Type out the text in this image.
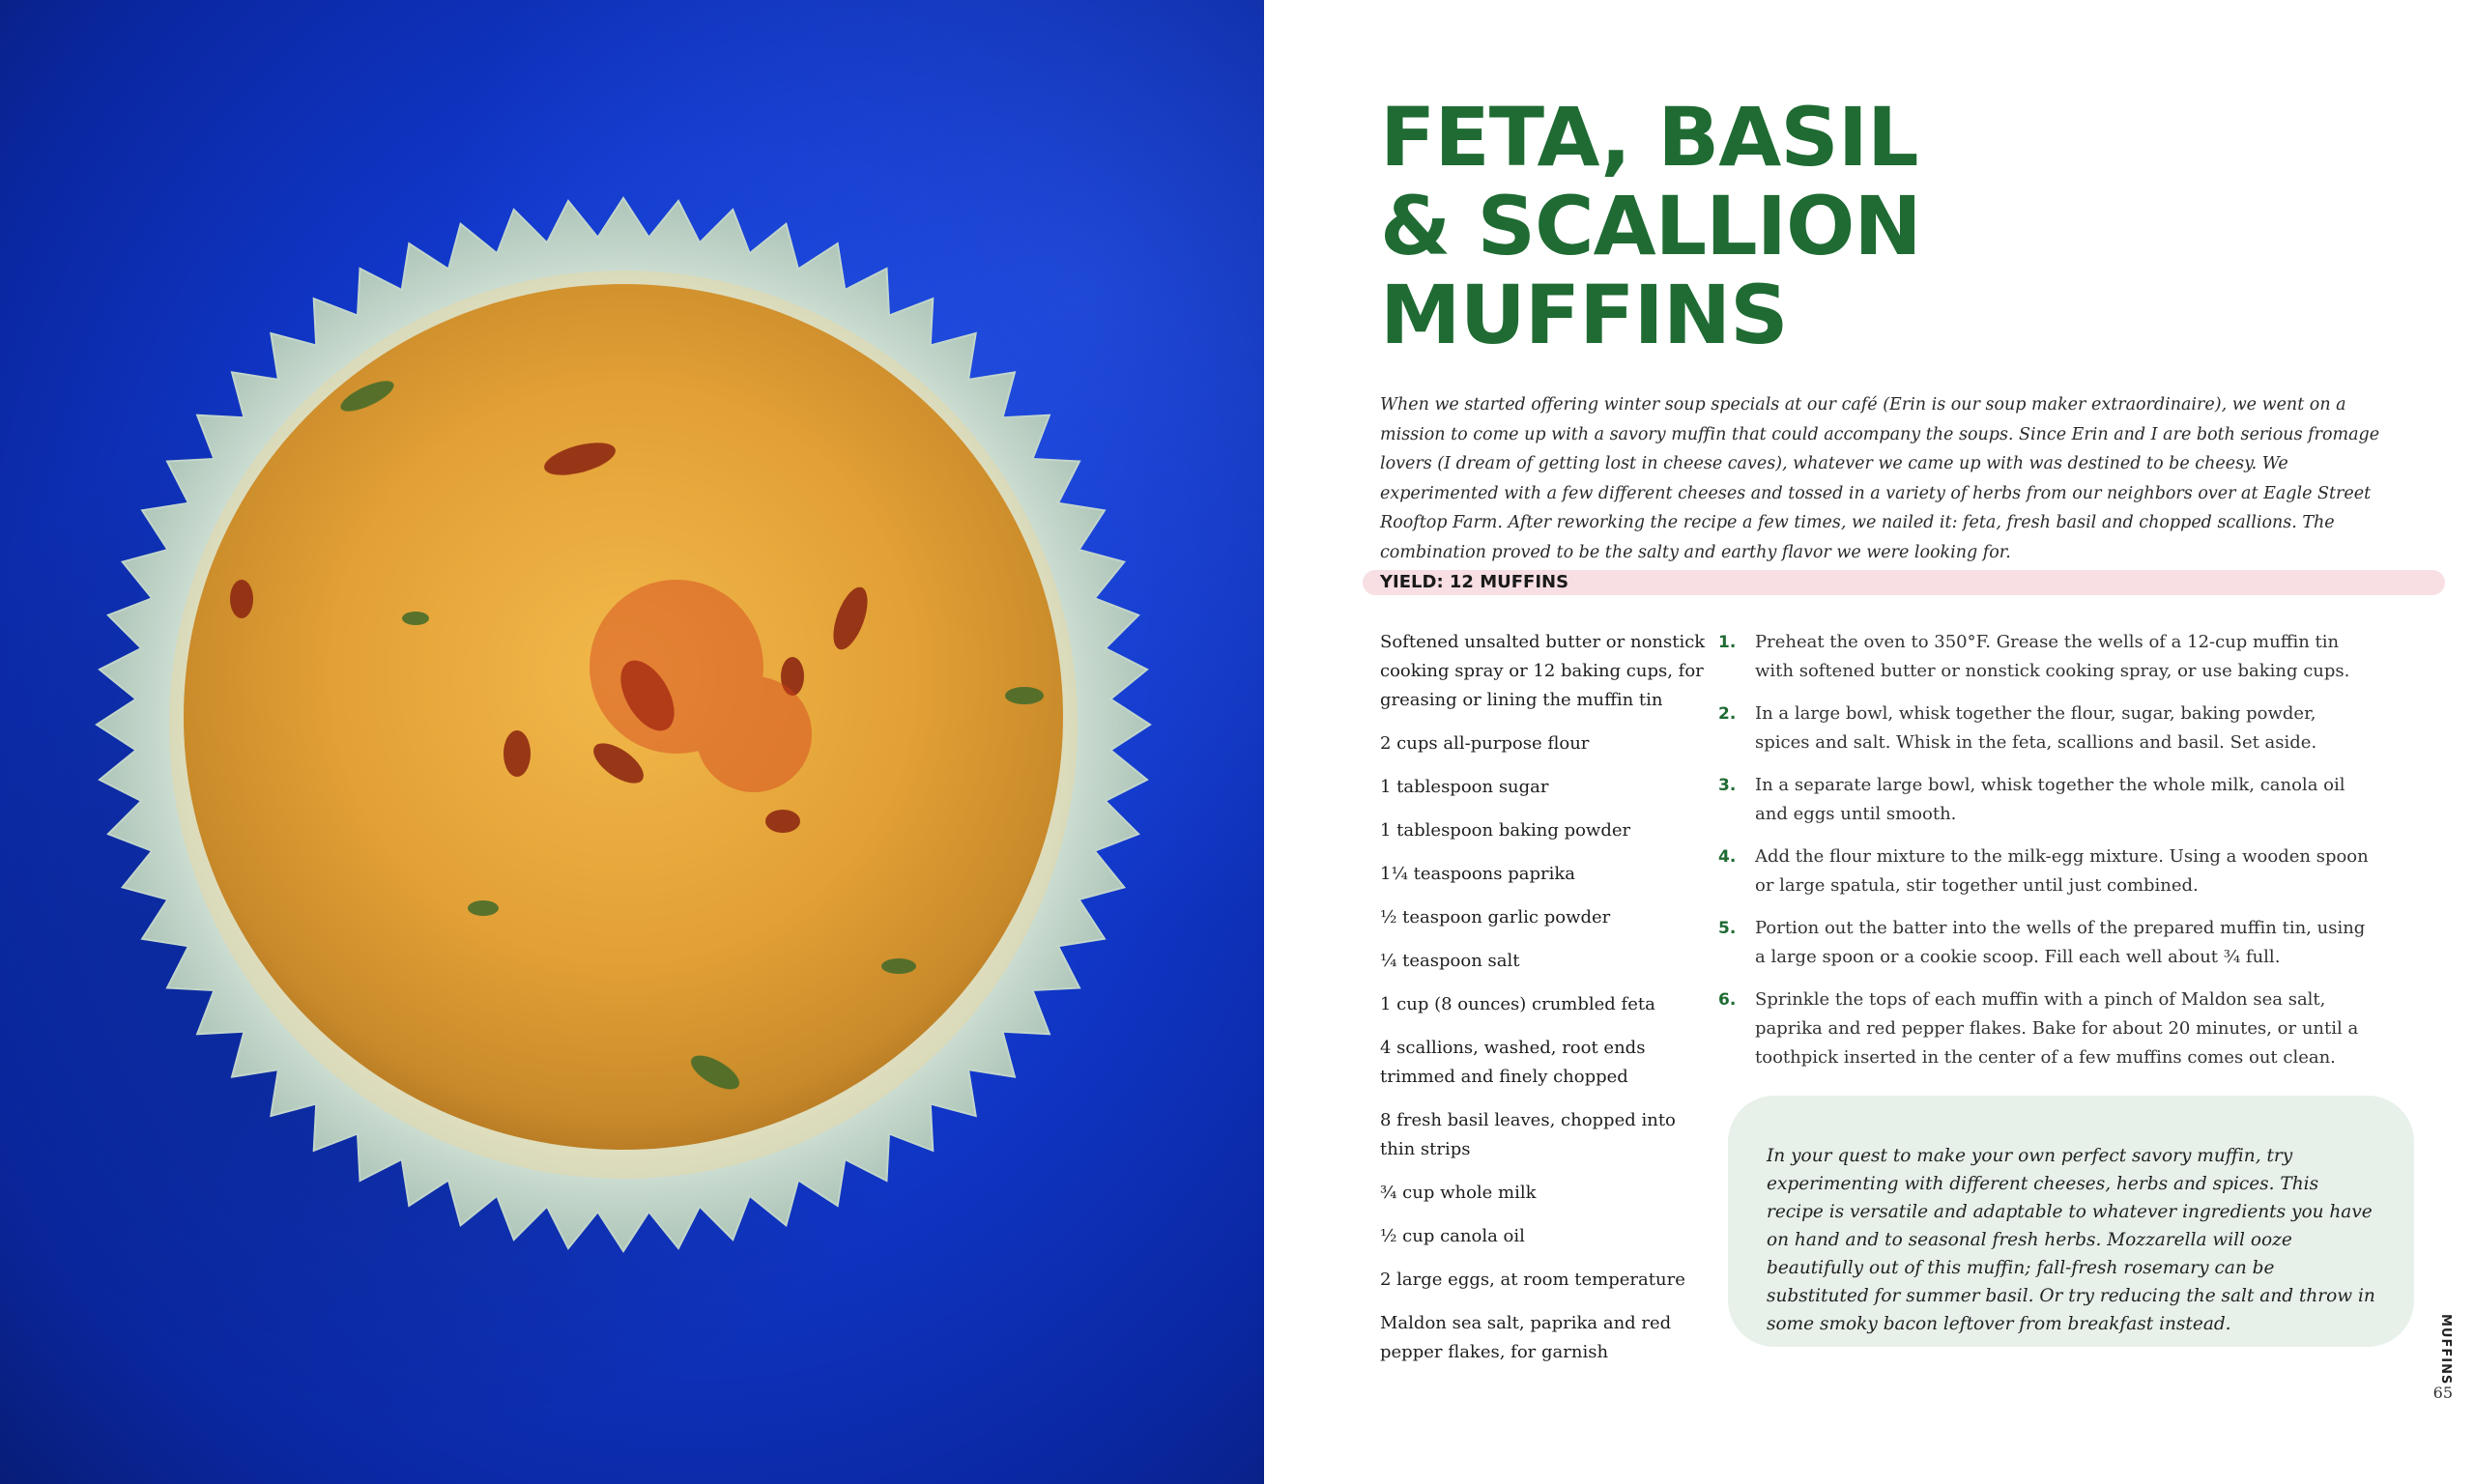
FETA, BASIL
& SCALLION
MUFFINS

When we started offering winter soup specials at our café (Erin is our soup maker extraordinaire), we went on a mission to come up with a savory muffin that could accompany the soups. Since Erin and I are both serious fromage lovers (I dream of getting lost in cheese caves), whatever we came up with was destined to be cheesy. We experimented with a few different cheeses and tossed in a variety of herbs from our neighbors over at Eagle Street Rooftop Farm. After reworking the recipe a few times, we nailed it: feta, fresh basil and chopped scallions. The combination proved to be the salty and earthy flavor we were looking for.

YIELD: 12 MUFFINS
Softened unsalted butter or nonstick cooking spray or 12 baking cups, for greasing or lining the muffin tin
2 cups all-purpose flour
1 tablespoon sugar
1 tablespoon baking powder
1¼ teaspoons paprika
½ teaspoon garlic powder
¼ teaspoon salt
1 cup (8 ounces) crumbled feta
4 scallions, washed, root ends trimmed and finely chopped
8 fresh basil leaves, chopped into thin strips
¾ cup whole milk
½ cup canola oil
2 large eggs, at room temperature
Maldon sea salt, paprika and red pepper flakes, for garnish
1. Preheat the oven to 350°F. Grease the wells of a 12-cup muffin tin with softened butter or nonstick cooking spray, or use baking cups.
2. In a large bowl, whisk together the flour, sugar, baking powder, spices and salt. Whisk in the feta, scallions and basil. Set aside.
3. In a separate large bowl, whisk together the whole milk, canola oil and eggs until smooth.
4. Add the flour mixture to the milk-egg mixture. Using a wooden spoon or large spatula, stir together until just combined.
5. Portion out the batter into the wells of the prepared muffin tin, using a large spoon or a cookie scoop. Fill each well about ¾ full.
6. Sprinkle the tops of each muffin with a pinch of Maldon sea salt, paprika and red pepper flakes. Bake for about 20 minutes, or until a toothpick inserted in the center of a few muffins comes out clean.

In your quest to make your own perfect savory muffin, try experimenting with different cheeses, herbs and spices. This recipe is versatile and adaptable to whatever ingredients you have on hand and to seasonal fresh herbs. Mozzarella will ooze beautifully out of this muffin; fall-fresh rosemary can be substituted for summer basil. Or try reducing the salt and throw in some smoky bacon leftover from breakfast instead.	MUFFINS
65
